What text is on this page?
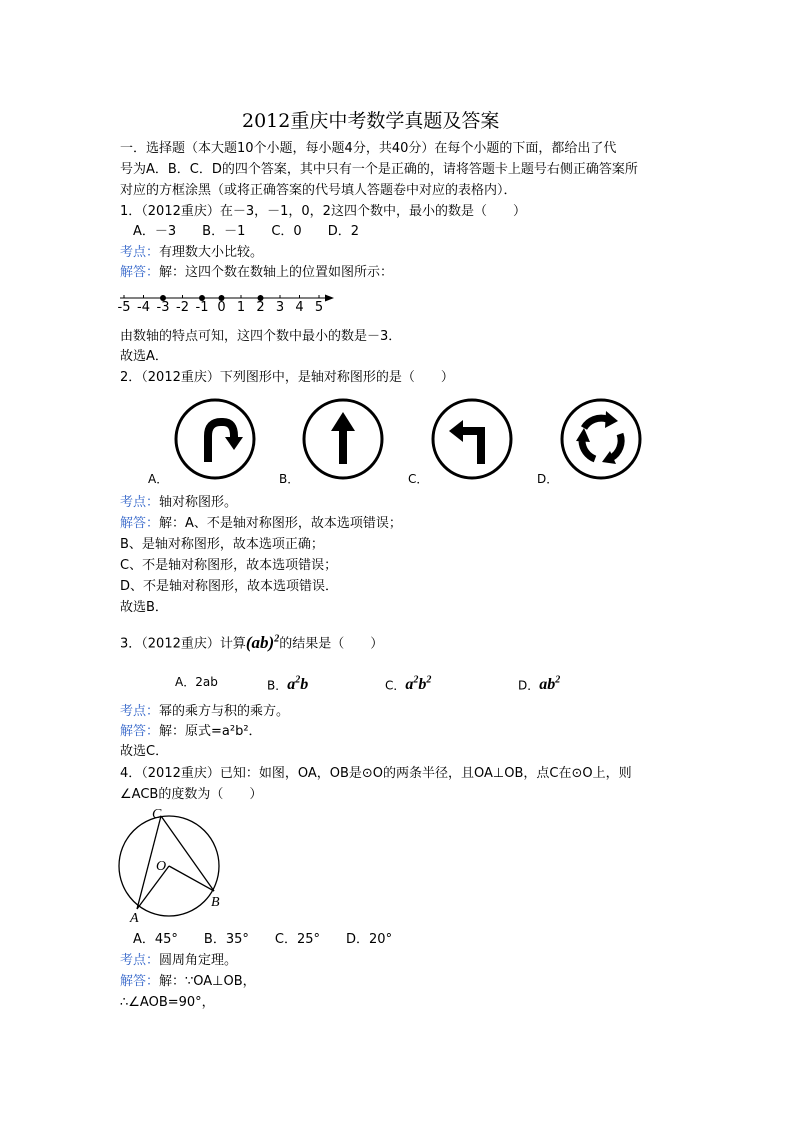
2012重庆中考数学真题及答案
一．选择题（本大题10个小题，每小题4分，共40分）在每个小题的下面，都给出了代
号为A．B．C．D的四个答案，其中只有一个是正确的，请将答题卡上题号右侧正确答案所
对应的方框涂黑（或将正确答案的代号填人答题卷中对应的表格内）．
1．（2012重庆）在－3，－1，0，2这四个数中，最小的数是（　　）
　A．－3　　B．－1　　C．0　　D．2
考点：有理数大小比较。
解答：解：这四个数在数轴上的位置如图所示：
-5 -4 -3 -2 -1 0 1 2 3 4 5
由数轴的特点可知，这四个数中最小的数是－3．
故选A．
2．（2012重庆）下列图形中，是轴对称图形的是（　　）
A．	B．	C．	D．
考点：轴对称图形。
解答：解：A、不是轴对称图形，故本选项错误；
B、是轴对称图形，故本选项正确；
C、不是轴对称图形，故本选项错误；
D、不是轴对称图形，故本选项错误．
故选B．
3．（2012重庆）计算(ab)$^2$的结果是（　　）
A．2ab	B．$a^2b$	C．$a^2b^2$	D．$ab^2$
考点：幂的乘方与积的乘方。
解答：解：原式=a²b²．
故选C．
4．（2012重庆）已知：如图，OA，OB是⊙O的两条半径，且OA⊥OB，点C在⊙O上，则
∠ACB的度数为（　　）
C
O
A
B
　A．45°　　B．35°　　C．25°　　D．20°
考点：圆周角定理。
解答：解：∵OA⊥OB，
∴∠AOB=90°，
